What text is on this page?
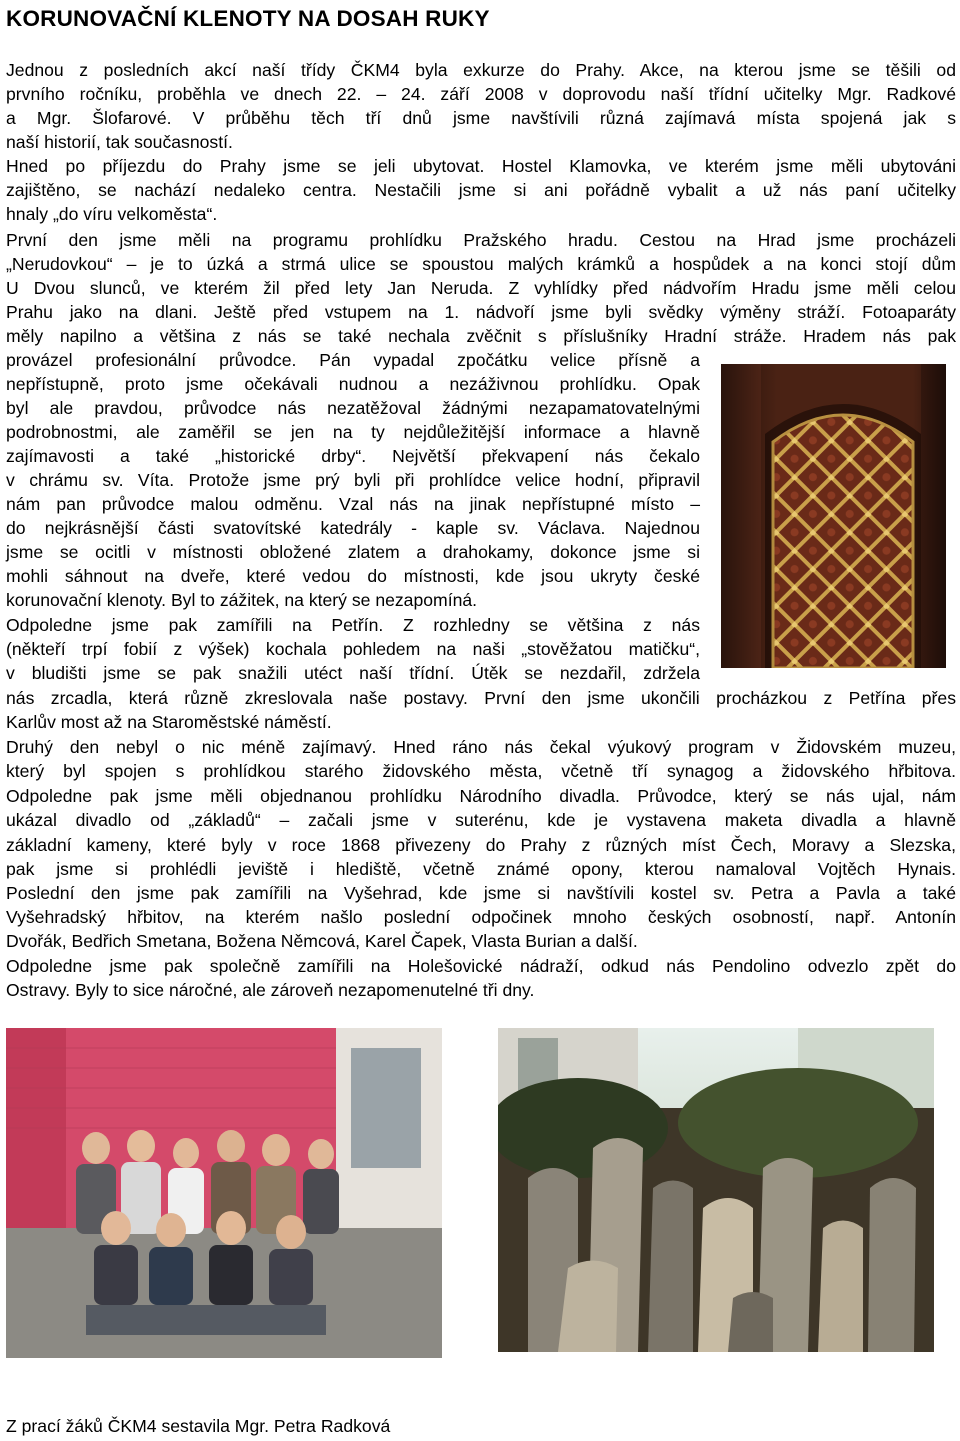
KORUNOVAČNÍ KLENOTY NA DOSAH RUKY
Jednou z posledních akcí naší třídy ČKM4 byla exkurze do Prahy. Akce, na kterou jsme se těšili od
prvního ročníku, proběhla ve dnech 22. – 24. září 2008 v doprovodu naší třídní učitelky Mgr. Radkové
a Mgr. Šlofarové. V průběhu těch tří dnů jsme navštívili různá zajímavá místa spojená jak s
naší historií, tak současností.
Hned po příjezdu do Prahy jsme se jeli ubytovat. Hostel Klamovka, ve kterém jsme měli ubytováni
zajištěno, se nachází nedaleko centra. Nestačili jsme si ani pořádně vybalit a už nás paní učitelky
hnaly „do víru velkoměsta“.
První den jsme měli na programu prohlídku Pražského hradu. Cestou na Hrad jsme procházeli
„Nerudovkou“ – je to úzká a strmá ulice se spoustou malých krámků a hospůdek a na konci stojí dům
U Dvou slunců, ve kterém žil před lety Jan Neruda. Z vyhlídky před nádvořím Hradu jsme měli celou
Prahu jako na dlani. Ještě před vstupem na 1. nádvoří jsme byli svědky výměny stráží. Fotoaparáty
měly napilno a většina z nás se také nechala zvěčnit s příslušníky Hradní stráže. Hradem nás pak
provázel profesionální průvodce. Pán vypadal zpočátku velice přísně a
nepřístupně, proto jsme očekávali nudnou a nezáživnou prohlídku. Opak
byl ale pravdou, průvodce nás nezatěžoval žádnými nezapamatovatelnými
podrobnostmi, ale zaměřil se jen na ty nejdůležitější informace a hlavně
zajímavosti a také „historické drby“. Největší překvapení nás čekalo
v chrámu sv. Víta. Protože jsme prý byli při prohlídce velice hodní, připravil
nám pan průvodce malou odměnu. Vzal nás na jinak nepřístupné místo –
do nejkrásnější části svatovítské katedrály - kaple sv. Václava. Najednou
jsme se ocitli v místnosti obložené zlatem a drahokamy, dokonce jsme si
mohli sáhnout na dveře, které vedou do místnosti, kde jsou ukryty české
korunovační klenoty. Byl to zážitek, na který se nezapomíná.
Odpoledne jsme pak zamířili na Petřín. Z rozhledny se většina z nás
(někteří trpí fobií z výšek) kochala pohledem na naši „stověžatou matičku“,
v bludišti jsme se pak snažili utéct naší třídní. Útěk se nezdařil, zdržela
nás zrcadla, která různě zkreslovala naše postavy. První den jsme ukončili procházkou z Petřína přes
Karlův most až na Staroměstské náměstí.
Druhý den nebyl o nic méně zajímavý. Hned ráno nás čekal výukový program v Židovském muzeu,
který byl spojen s prohlídkou starého židovského města, včetně tří synagog a židovského hřbitova.
Odpoledne pak jsme měli objednanou prohlídku Národního divadla. Průvodce, který se nás ujal, nám
ukázal divadlo od „základů“ – začali jsme v suterénu, kde je vystavena maketa divadla a hlavně
základní kameny, které byly v roce 1868 přivezeny do Prahy z různých míst Čech, Moravy a Slezska,
pak jsme si prohlédli jeviště i hlediště, včetně známé opony, kterou namaloval Vojtěch Hynais.
Poslední den jsme pak zamířili na Vyšehrad, kde jsme si navštívili kostel sv. Petra a Pavla a také
Vyšehradský hřbitov, na kterém našlo poslední odpočinek mnoho českých osobností, např. Antonín
Dvořák, Bedřich Smetana, Božena Němcová, Karel Čapek, Vlasta Burian a další.
Odpoledne jsme pak společně zamířili na Holešovické nádraží, odkud nás Pendolino odvezlo zpět do
Ostravy. Byly to sice náročné, ale zároveň nezapomenutelné tři dny.
Z prací žáků ČKM4 sestavila Mgr. Petra Radková
